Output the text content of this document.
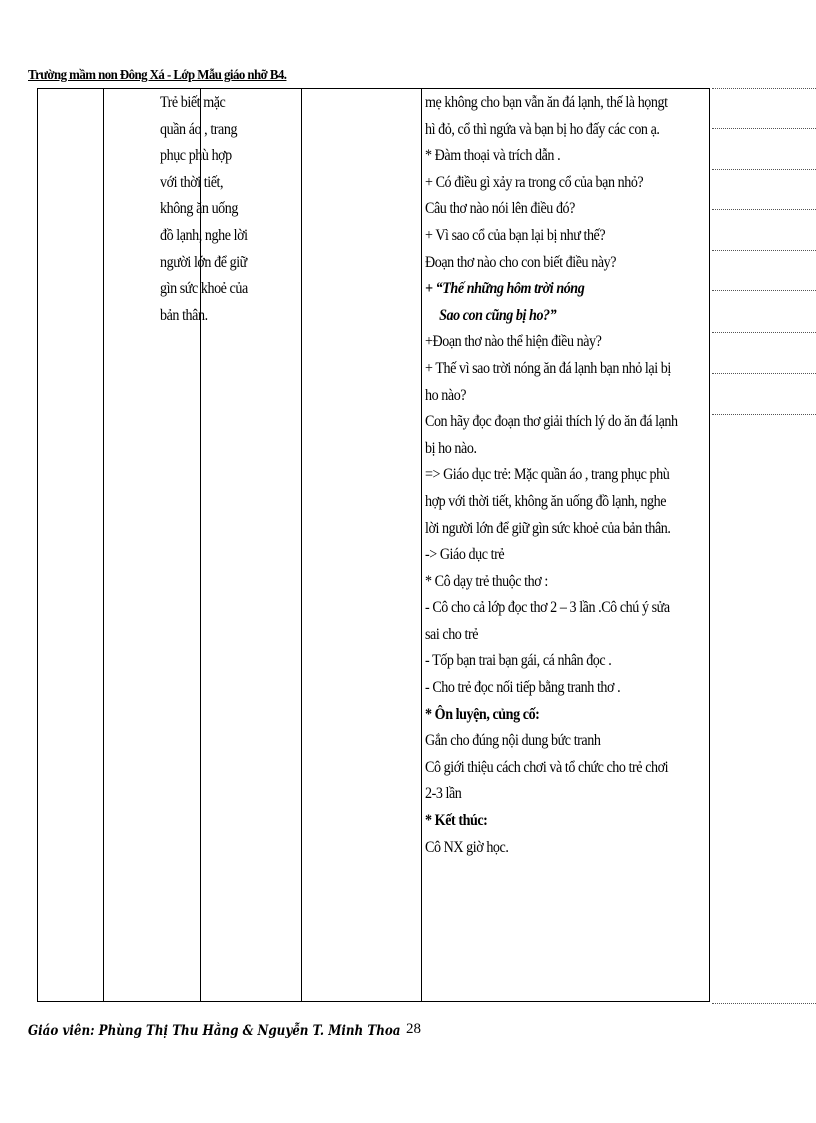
Trường mầm non Đông Xá - Lớp Mẫu giáo nhỡ B4.
Trẻ biết mặc
quần áo , trang
phục phù hợp
với thời tiết,
không ăn uống
đồ lạnh, nghe lời
người lớn để giữ
gìn sức khoẻ của
bản thân.
mẹ không cho bạn vẫn ăn đá lạnh, thế là họngt
hì đỏ, cổ thì ngứa và bạn bị ho đấy các con ạ.
* Đàm thoại và trích dẫn .
+ Có điều gì xảy ra trong cổ của bạn nhỏ?
Câu thơ nào nói lên điều đó?
+ Vì sao cổ của bạn lại bị như thế?
Đoạn thơ nào cho con biết điều này?
+ “Thế những hôm trời nóng
Sao con cũng bị ho?”
+Đoạn thơ nào thể hiện điều này?
+ Thế vì sao trời nóng ăn đá lạnh bạn nhỏ lại bị
ho nào?
Con hãy đọc đoạn thơ giải thích lý do ăn đá lạnh
bị ho nào.
=> Giáo dục trẻ: Mặc quần áo , trang phục phù
hợp với thời tiết, không ăn uống đồ lạnh, nghe
lời người lớn để giữ gìn sức khoẻ của bản thân.
-> Giáo dục trẻ
* Cô dạy trẻ thuộc thơ :
- Cô cho cả lớp đọc thơ 2 – 3 lần .Cô chú ý sửa
sai cho trẻ
- Tốp bạn trai bạn gái, cá nhân đọc .
- Cho trẻ đọc nối tiếp bằng tranh thơ .
* Ôn luyện, củng cố:
Gắn cho đúng nội dung bức tranh
Cô giới thiệu cách chơi và tổ chức cho trẻ chơi
2-3 lần
* Kết thúc:
Cô NX giờ học.
Giáo viên: Phùng Thị Thu Hằng & Nguyễn T. Minh Thoa 28
